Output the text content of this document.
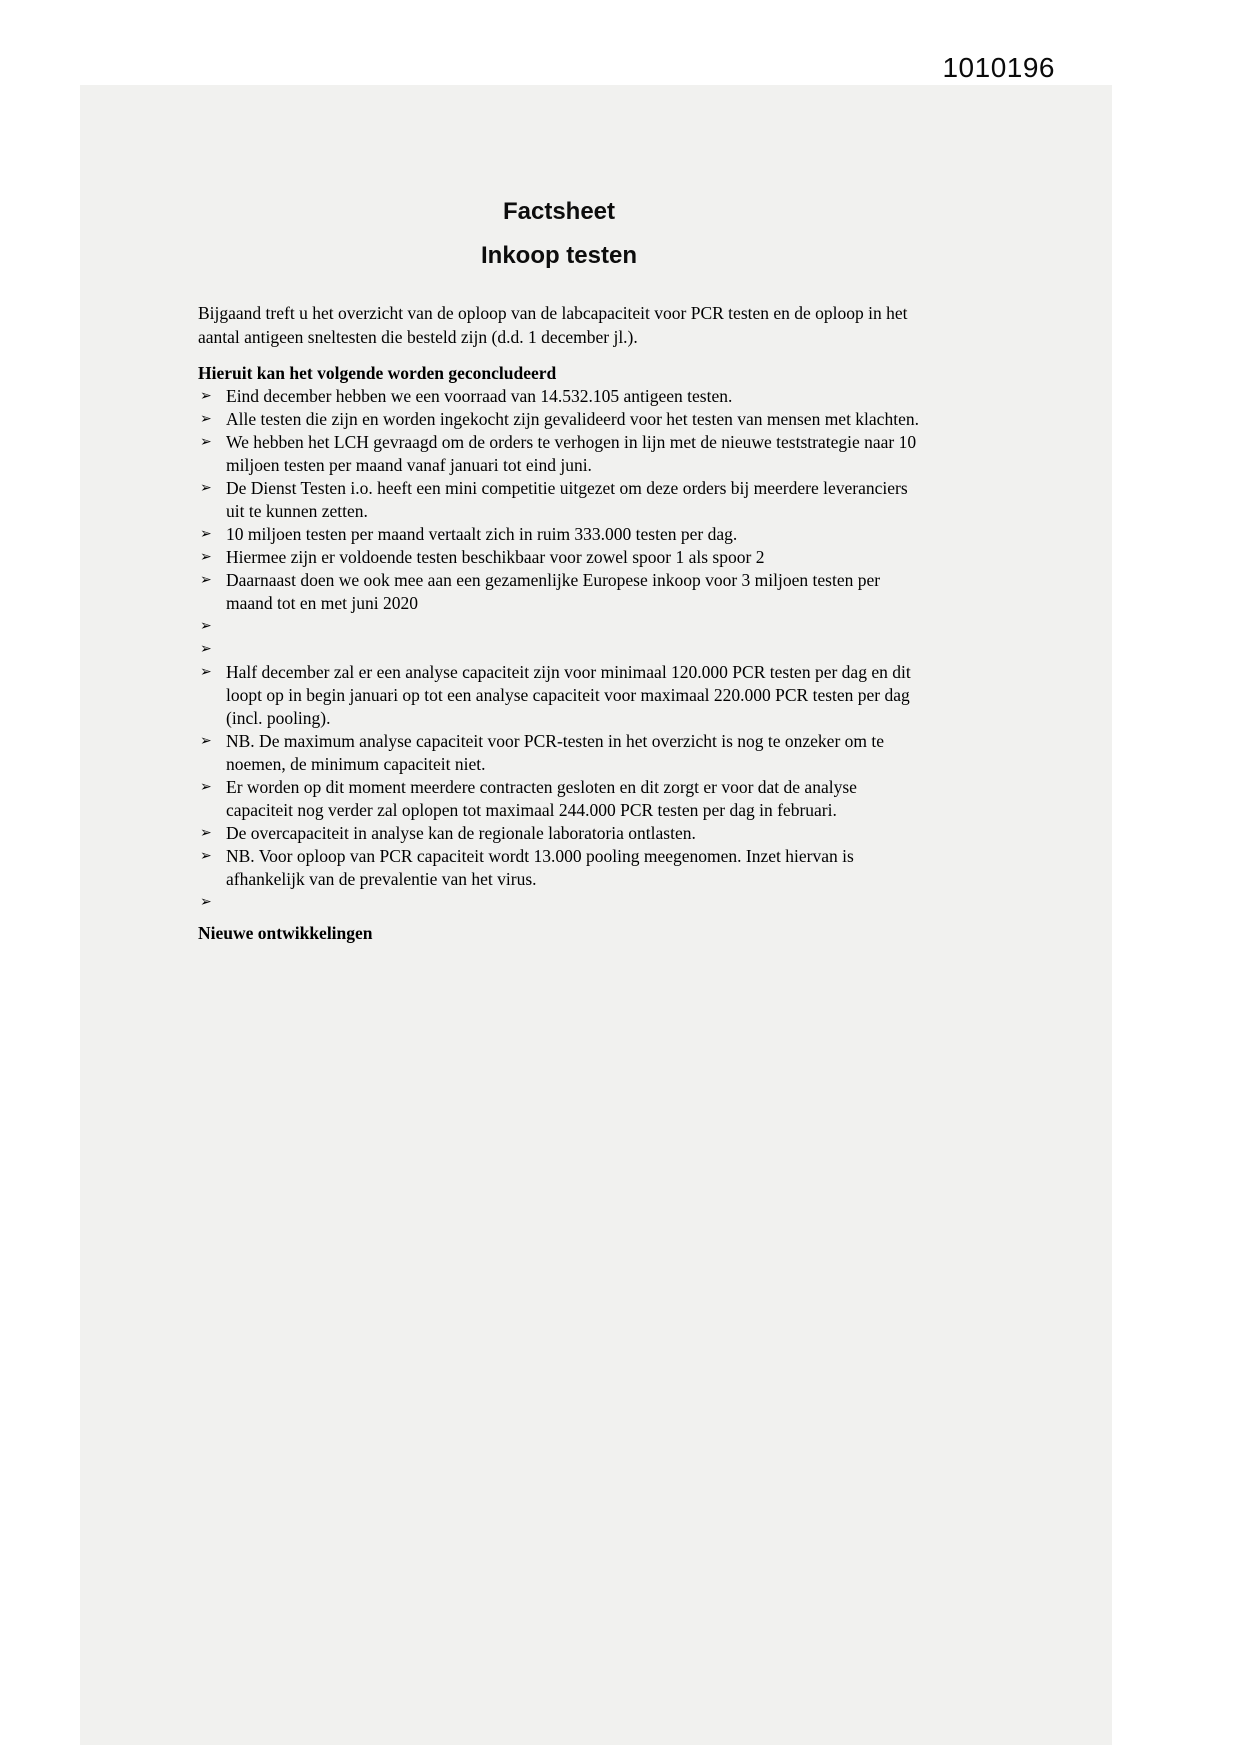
1010196
Factsheet
Inkoop testen

Bijgaand treft u het overzicht van de oploop van de labcapaciteit voor PCR testen en de oploop in het aantal antigeen sneltesten die besteld zijn (d.d. 1 december jl.).

Hieruit kan het volgende worden geconcludeerd

➢ Eind december hebben we een voorraad van 14.532.105 antigeen testen.
➢ Alle testen die zijn en worden ingekocht zijn gevalideerd voor het testen van mensen met klachten.
➢ We hebben het LCH gevraagd om de orders te verhogen in lijn met de nieuwe teststrategie naar 10 miljoen testen per maand vanaf januari tot eind juni.
➢ De Dienst Testen i.o. heeft een mini competitie uitgezet om deze orders bij meerdere leveranciers uit te kunnen zetten.
➢ 10 miljoen testen per maand vertaalt zich in ruim 333.000 testen per dag.
➢ Hiermee zijn er voldoende testen beschikbaar voor zowel spoor 1 als spoor 2
➢ Daarnaast doen we ook mee aan een gezamenlijke Europese inkoop voor 3 miljoen testen per maand tot en met juni 2020
➢
➢
➢ Half december zal er een analyse capaciteit zijn voor minimaal 120.000 PCR testen per dag en dit loopt op in begin januari op tot een analyse capaciteit voor maximaal 220.000 PCR testen per dag (incl. pooling).
➢ NB. De maximum analyse capaciteit voor PCR-testen in het overzicht is nog te onzeker om te noemen, de minimum capaciteit niet.
➢ Er worden op dit moment meerdere contracten gesloten en dit zorgt er voor dat de analyse capaciteit nog verder zal oplopen tot maximaal 244.000 PCR testen per dag in februari.
➢ De overcapaciteit in analyse kan de regionale laboratoria ontlasten.
➢ NB. Voor oploop van PCR capaciteit wordt 13.000 pooling meegenomen. Inzet hiervan is afhankelijk van de prevalentie van het virus.
➢

Nieuwe ontwikkelingen
